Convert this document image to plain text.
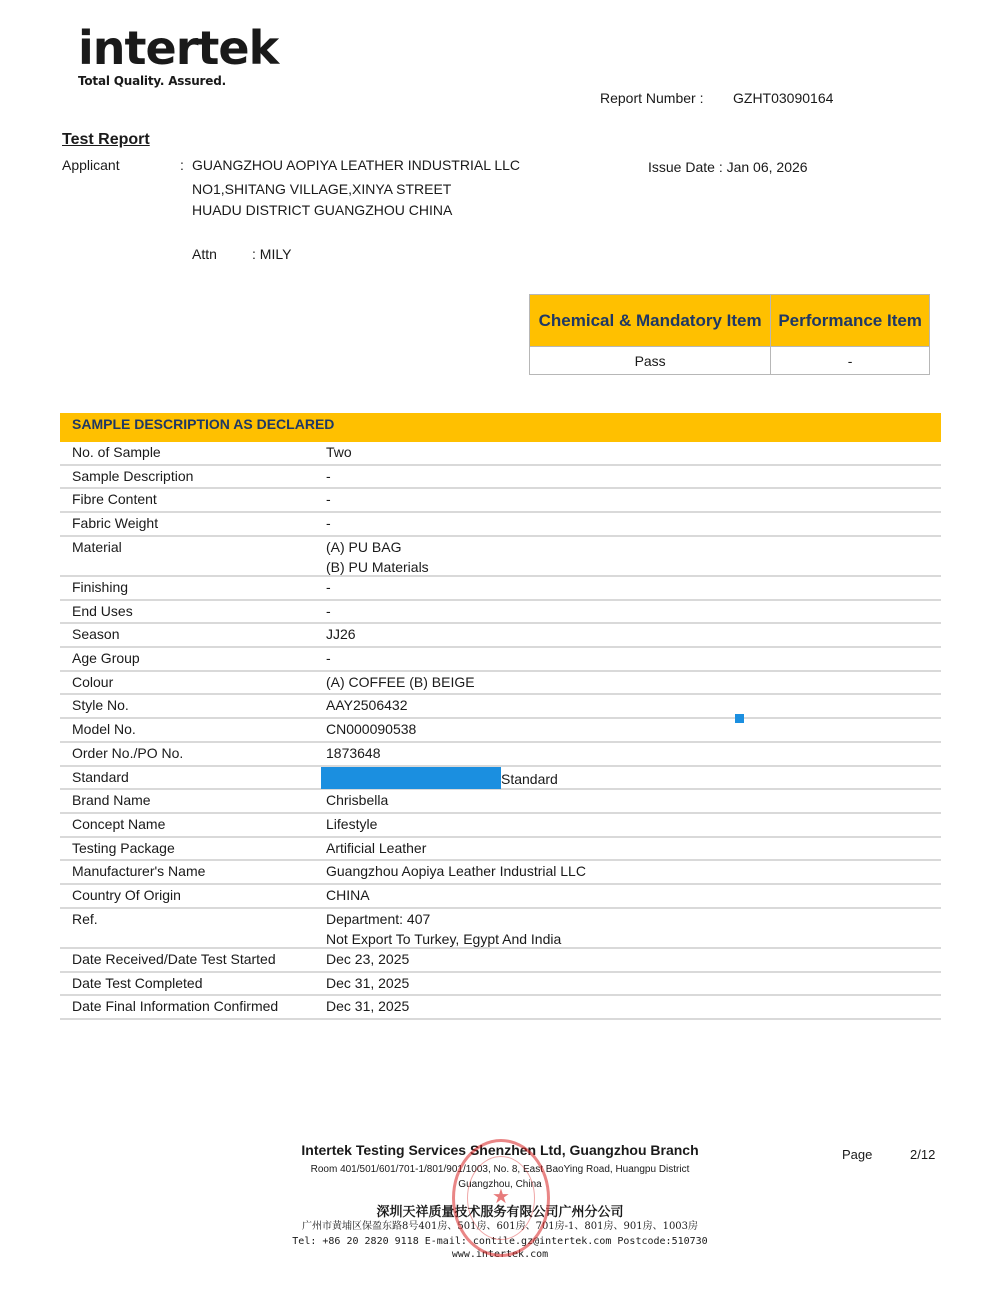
intertek
Total Quality. Assured.
Report Number : GZHT03090164
Test Report
Applicant	: GUANGZHOU AOPIYA LEATHER INDUSTRIAL LLC
NO1,SHITANG VILLAGE,XINYA STREET
HUADU DISTRICT GUANGZHOU CHINA
Attn	: MILY
Issue Date : Jan 06, 2026
Chemical & Mandatory Item	Performance Item
Pass	-
SAMPLE DESCRIPTION AS DECLARED
No. of Sample	Two
Sample Description	-
Fibre Content	-
Fabric Weight	-
Material	(A) PU BAG
(B) PU Materials
Finishing	-
End Uses	-
Season	JJ26
Age Group	-
Colour	(A) COFFEE (B) BEIGE
Style No.	AAY2506432
Model No.	CN000090538
Order No./PO No.	1873648
Standard	Standard
Brand Name	Chrisbella
Concept Name	Lifestyle
Testing Package	Artificial Leather
Manufacturer's Name	Guangzhou Aopiya Leather Industrial LLC
Country Of Origin	CHINA
Ref.	Department: 407
Not Export To Turkey, Egypt And India
Date Received/Date Test Started	Dec 23, 2025
Date Test Completed	Dec 31, 2025
Date Final Information Confirmed	Dec 31, 2025
Intertek Testing Services Shenzhen Ltd, Guangzhou Branch
Room 401/501/601/701-1/801/901/1003, No. 8, East BaoYing Road, Huangpu District
Guangzhou, China
深圳天祥质量技术服务有限公司广州分公司
广州市黄埔区保盈东路8号401房、501房、601房、701房-1、801房、901房、1003房
Tel: +86 20 2820 9118 E-mail: contile.gz@intertek.com Postcode:510730
www.intertek.com
★
Page	2/12
